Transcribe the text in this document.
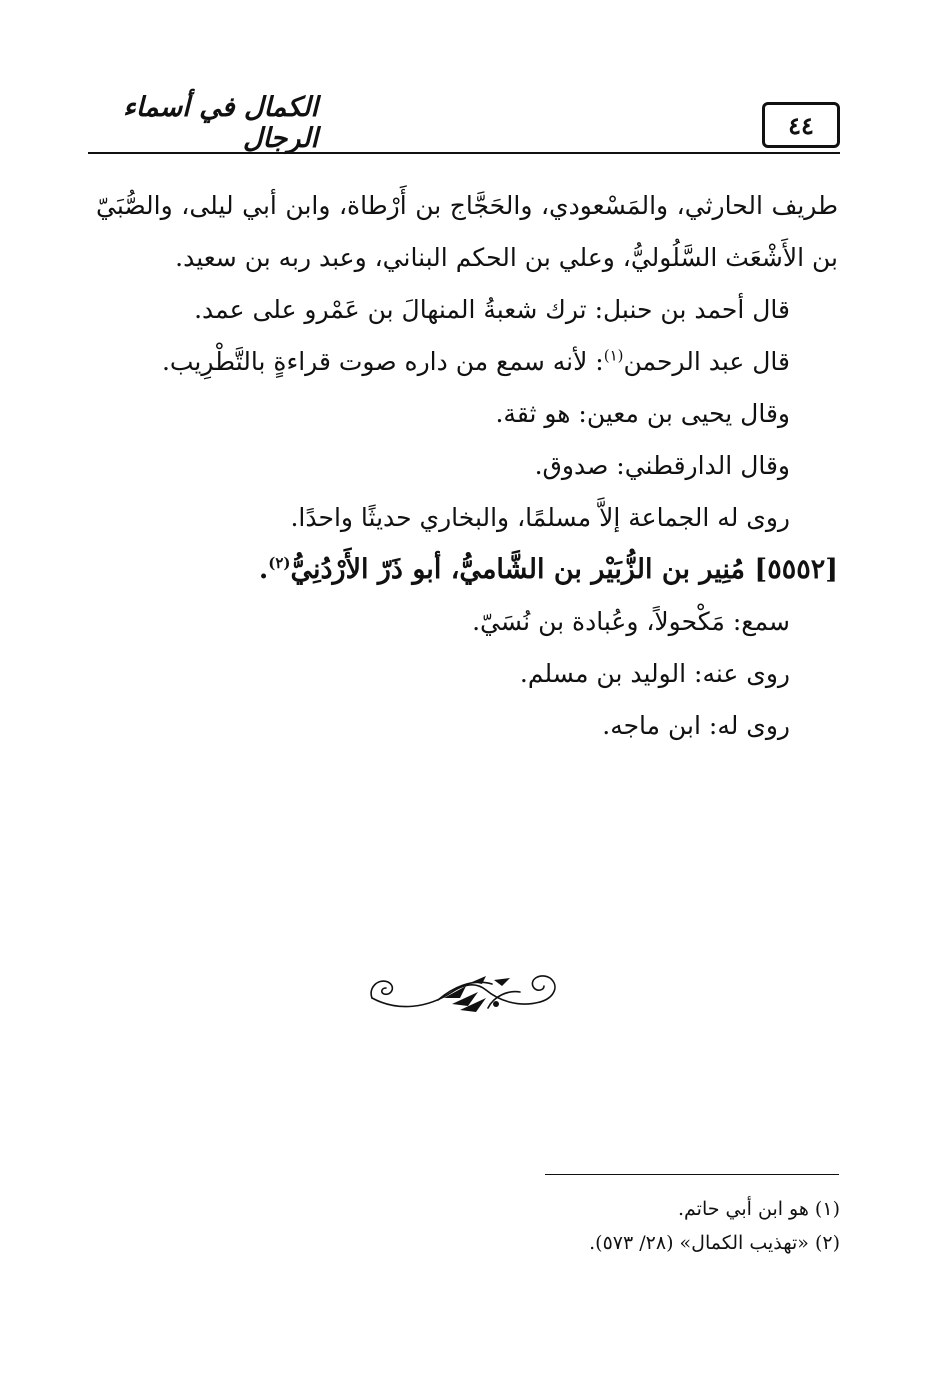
٤٤
الكمال في أسماء الرجال

طريف الحارثي، والمَسْعودي، والحَجَّاج بن أَرْطاة، وابن أبي ليلى، والصُّبَيّ بن الأَشْعَث السَّلُوليُّ، وعلي بن الحكم البناني، وعبد ربه بن سعيد.

قال أحمد بن حنبل: ترك شعبةُ المنهالَ بن عَمْرو على عمد.

قال عبد الرحمن$^{(١)}$: لأنه سمع من داره صوت قراءةٍ بالتَّطْرِيب.

وقال يحيى بن معين: هو ثقة.

وقال الدارقطني: صدوق.

روى له الجماعة إلاَّ مسلمًا، والبخاري حديثًا واحدًا.

[٥٥٥٢] مُنِير بن الزُّبَيْر بن الشَّاميُّ، أبو ذَرّ الأَرْدُنِيُّ$^{(٢)}$.

سمع: مَكْحولاً، وعُبادة بن نُسَيّ.

روى عنه: الوليد بن مسلم.

روى له: ابن ماجه.

(١) هو ابن أبي حاتم.

(٢) «تهذيب الكمال» (٢٨/ ٥٧٣).
